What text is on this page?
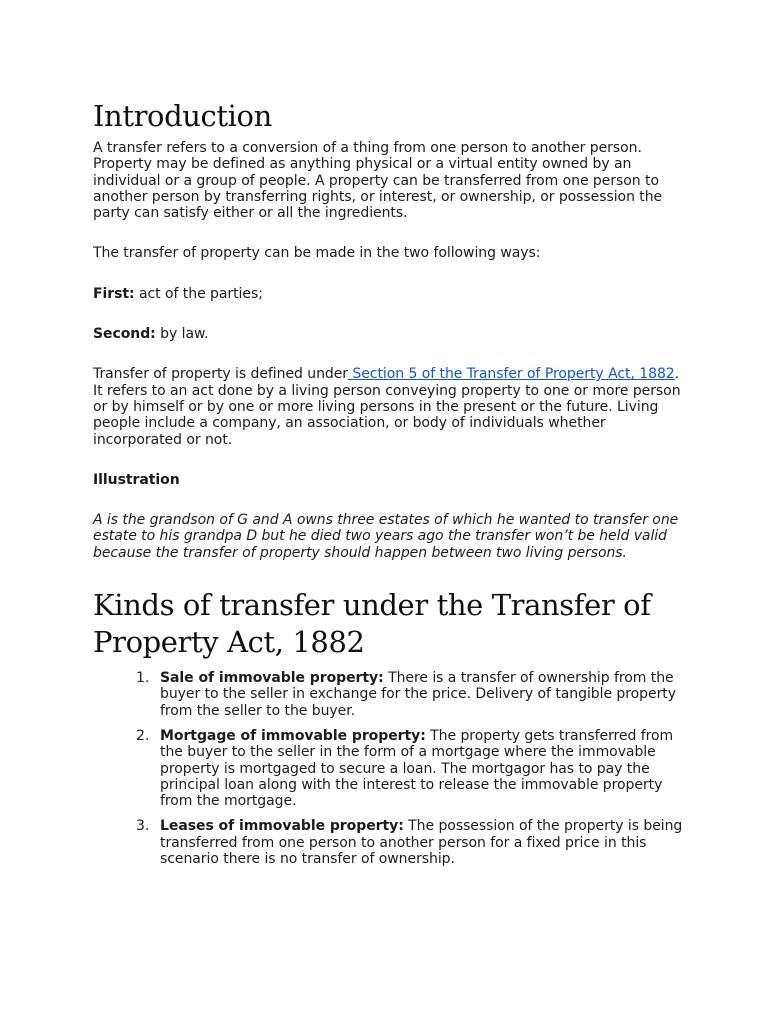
Introduction

A transfer refers to a conversion of a thing from one person to another person. Property may be defined as anything physical or a virtual entity owned by an individual or a group of people. A property can be transferred from one person to another person by transferring rights, or interest, or ownership, or possession the party can satisfy either or all the ingredients.

The transfer of property can be made in the two following ways:

First: act of the parties;

Second: by law.

Transfer of property is defined under Section 5 of the Transfer of Property Act, 1882. It refers to an act done by a living person conveying property to one or more person or by himself or by one or more living persons in the present or the future. Living people include a company, an association, or body of individuals whether incorporated or not.

Illustration

A is the grandson of G and A owns three estates of which he wanted to transfer one estate to his grandpa D but he died two years ago the transfer won’t be held valid because the transfer of property should happen between two living persons.

Kinds of transfer under the Transfer of Property Act, 1882
1. Sale of immovable property: There is a transfer of ownership from the buyer to the seller in exchange for the price. Delivery of tangible property from the seller to the buyer.
2. Mortgage of immovable property: The property gets transferred from the buyer to the seller in the form of a mortgage where the immovable property is mortgaged to secure a loan. The mortgagor has to pay the principal loan along with the interest to release the immovable property from the mortgage.
3. Leases of immovable property: The possession of the property is being transferred from one person to another person for a fixed price in this scenario there is no transfer of ownership.
